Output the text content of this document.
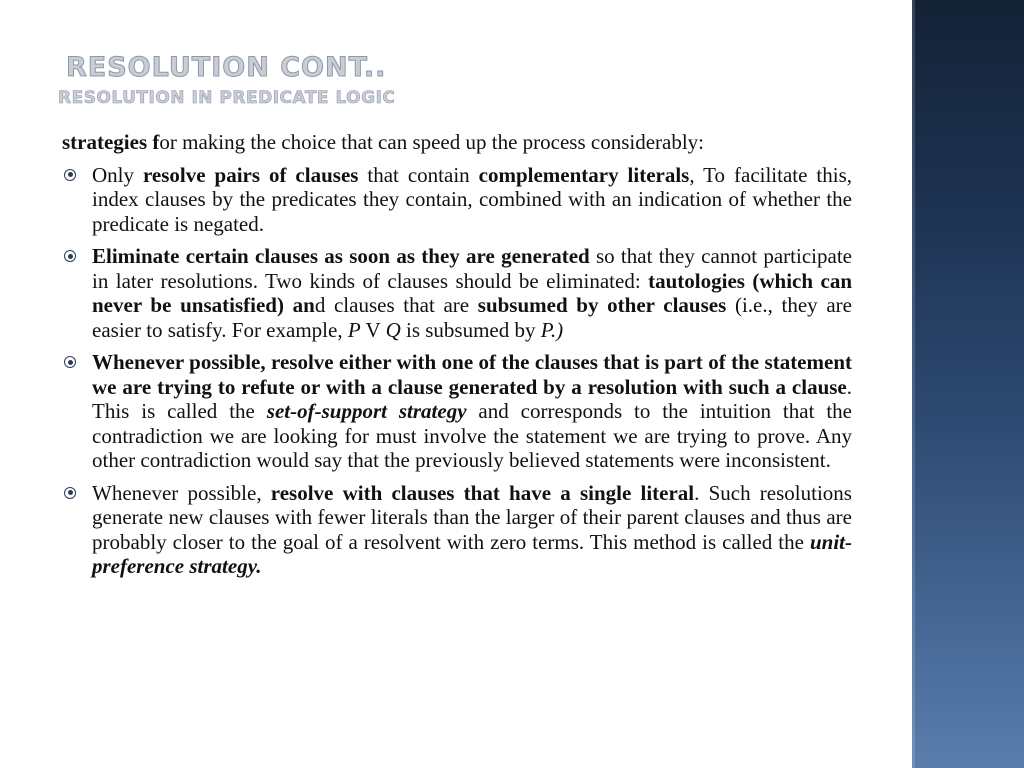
RESOLUTION CONT..
RESOLUTION IN PREDICATE LOGIC

strategies for making the choice that can speed up the process considerably:

Only resolve pairs of clauses that contain complementary literals, To facilitate this, index clauses by the predicates they contain, combined with an indication of whether the predicate is negated.
Eliminate certain clauses as soon as they are generated so that they cannot participate in later resolutions. Two kinds of clauses should be eliminated: tautologies (which can never be unsatisfied) and clauses that are subsumed by other clauses (i.e., they are easier to satisfy. For example, P V Q is subsumed by P.)
Whenever possible, resolve either with one of the clauses that is part of the statement we are trying to refute or with a clause generated by a resolution with such a clause. This is called the set-of-support strategy and corresponds to the intuition that the contradiction we are looking for must involve the statement we are trying to prove. Any other contradiction would say that the previously believed statements were inconsistent.
Whenever possible, resolve with clauses that have a single literal. Such resolutions generate new clauses with fewer literals than the larger of their parent clauses and thus are probably closer to the goal of a resolvent with zero terms. This method is called the unit-preference strategy.
